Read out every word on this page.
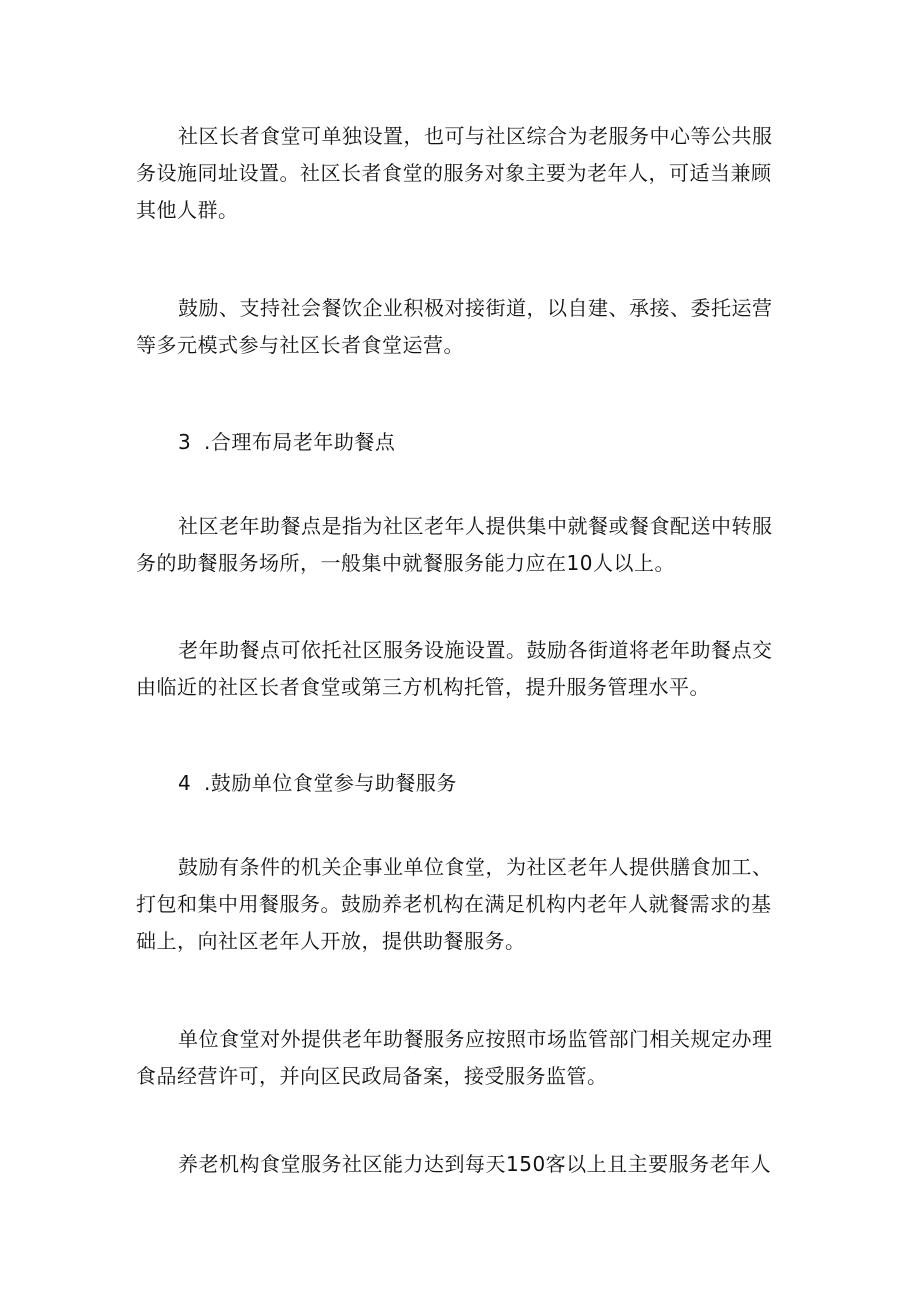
社区长者食堂可单独设置，也可与社区综合为老服务中心等公共服务设施同址设置。社区长者食堂的服务对象主要为老年人，可适当兼顾其他人群。

鼓励、支持社会餐饮企业积极对接街道，以自建、承接、委托运营等多元模式参与社区长者食堂运营。

3 .合理布局老年助餐点

社区老年助餐点是指为社区老年人提供集中就餐或餐食配送中转服务的助餐服务场所，一般集中就餐服务能力应在10人以上。

老年助餐点可依托社区服务设施设置。鼓励各街道将老年助餐点交由临近的社区长者食堂或第三方机构托管，提升服务管理水平。

4 .鼓励单位食堂参与助餐服务

鼓励有条件的机关企事业单位食堂，为社区老年人提供膳食加工、打包和集中用餐服务。鼓励养老机构在满足机构内老年人就餐需求的基础上，向社区老年人开放，提供助餐服务。

单位食堂对外提供老年助餐服务应按照市场监管部门相关规定办理食品经营许可，并向区民政局备案，接受服务监管。

养老机构食堂服务社区能力达到每天150客以上且主要服务老年人
